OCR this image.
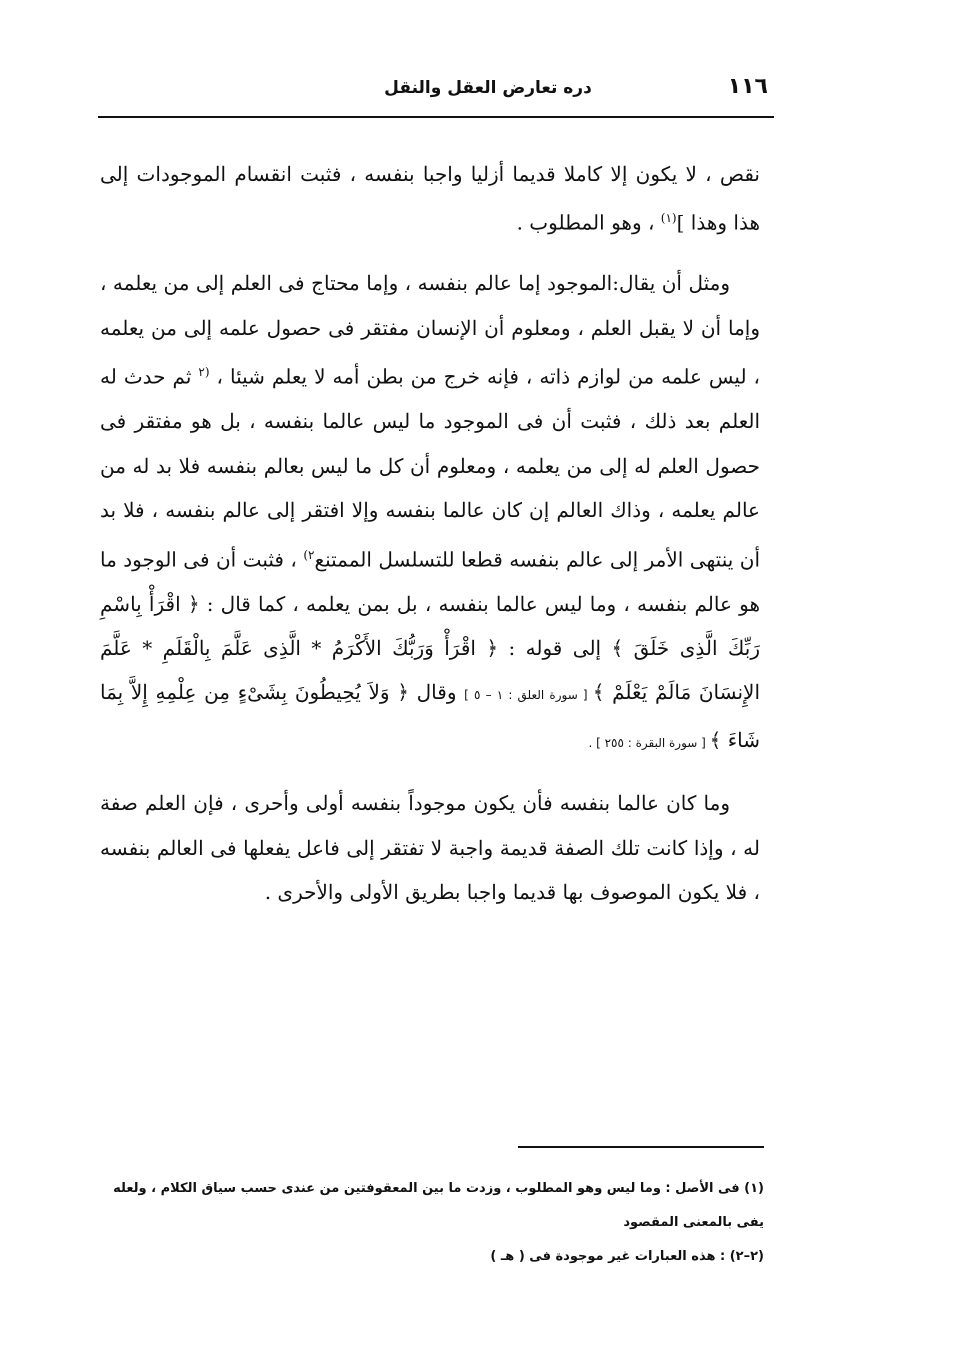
١١٦
دره تعارض العقل والنقل

نقص ، لا يكون إلا كاملا قديما أزليا واجبا بنفسه ، فثبت انقسام الموجودات إلى هذا وهذا ]$^{(١)}$ ، وهو المطلوب .

ومثل أن يقال:الموجود إما عالم بنفسه ، وإما محتاج فى العلم إلى من يعلمه ، وإما أن لا يقبل العلم ، ومعلوم أن الإنسان مفتقر فى حصول علمه إلى من يعلمه ، ليس علمه من لوازم ذاته ، فإنه خرج من بطن أمه لا يعلم شيئا ، $^{(٢}$ ثم حدث له العلم بعد ذلك ، فثبت أن فى الموجود ما ليس عالما بنفسه ، بل هو مفتقر فى حصول العلم له إلى من يعلمه ، ومعلوم أن كل ما ليس بعالم بنفسه فلا بد له من عالم يعلمه ، وذاك العالم إن كان عالما بنفسه وإلا افتقر إلى عالم بنفسه ، فلا بد أن ينتهى الأمر إلى عالم بنفسه قطعا للتسلسل الممتنع$^{٢)}$ ، فثبت أن فى الوجود ما هو عالم بنفسه ، وما ليس عالما بنفسه ، بل بمن يعلمه ، كما قال : ﴿ اقْرَأْ بِاسْمِ رَبِّكَ الَّذِى خَلَقَ ﴾ إلى قوله : ﴿ اقْرَأْ وَرَبُّكَ الأَكْرَمُ * الَّذِى عَلَّمَ بِالْقَلَمِ * عَلَّمَ الإِنسَانَ مَالَمْ يَعْلَمْ ﴾ [ سورة العلق : ١ – ٥ ] وقال ﴿ وَلاَ يُحِيطُونَ بِشَىْءٍ مِن عِلْمِهِ إِلاَّ بِمَا شَاءَ ﴾ [ سورة البقرة : ٢٥٥ ] .

وما كان عالما بنفسه فأن يكون موجوداً بنفسه أولى وأحرى ، فإن العلم صفة له ، وإذا كانت تلك الصفة قديمة واجبة لا تفتقر إلى فاعل يفعلها فى العالم بنفسه ، فلا يكون الموصوف بها قديما واجبا بطريق الأولى والأحرى .

(١) فى الأصل : وما ليس وهو المطلوب ، وزدت ما بين المعقوفتين من عندى حسب سياق الكلام ، ولعله يفى بالمعنى المقصود

(٢–٢) : هذه العبارات غير موجودة فى ( هـ )
